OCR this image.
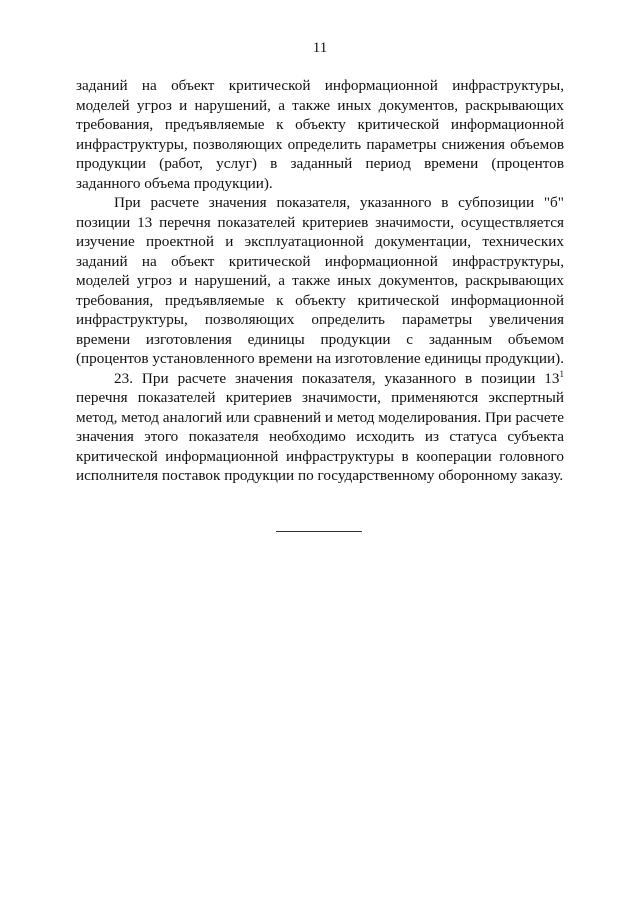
11
заданий на объект критической информационной инфраструктуры,
моделей угроз и нарушений, а также иных документов, раскрывающих
требования, предъявляемые к объекту критической информационной
инфраструктуры, позволяющих определить параметры снижения объемов
продукции (работ, услуг) в заданный период времени (процентов
заданного объема продукции).
При расчете значения показателя, указанного в субпозиции "б"
позиции 13 перечня показателей критериев значимости, осуществляется
изучение проектной и эксплуатационной документации, технических
заданий на объект критической информационной инфраструктуры,
моделей угроз и нарушений, а также иных документов, раскрывающих
требования, предъявляемые к объекту критической информационной
инфраструктуры, позволяющих определить параметры увеличения
времени изготовления единицы продукции с заданным объемом
(процентов установленного времени на изготовление единицы продукции).
23. При расчете значения показателя, указанного в позиции $13^1$
перечня показателей критериев значимости, применяются экспертный
метод, метод аналогий или сравнений и метод моделирования. При расчете
значения этого показателя необходимо исходить из статуса субъекта
критической информационной инфраструктуры в кооперации головного
исполнителя поставок продукции по государственному оборонному заказу.
